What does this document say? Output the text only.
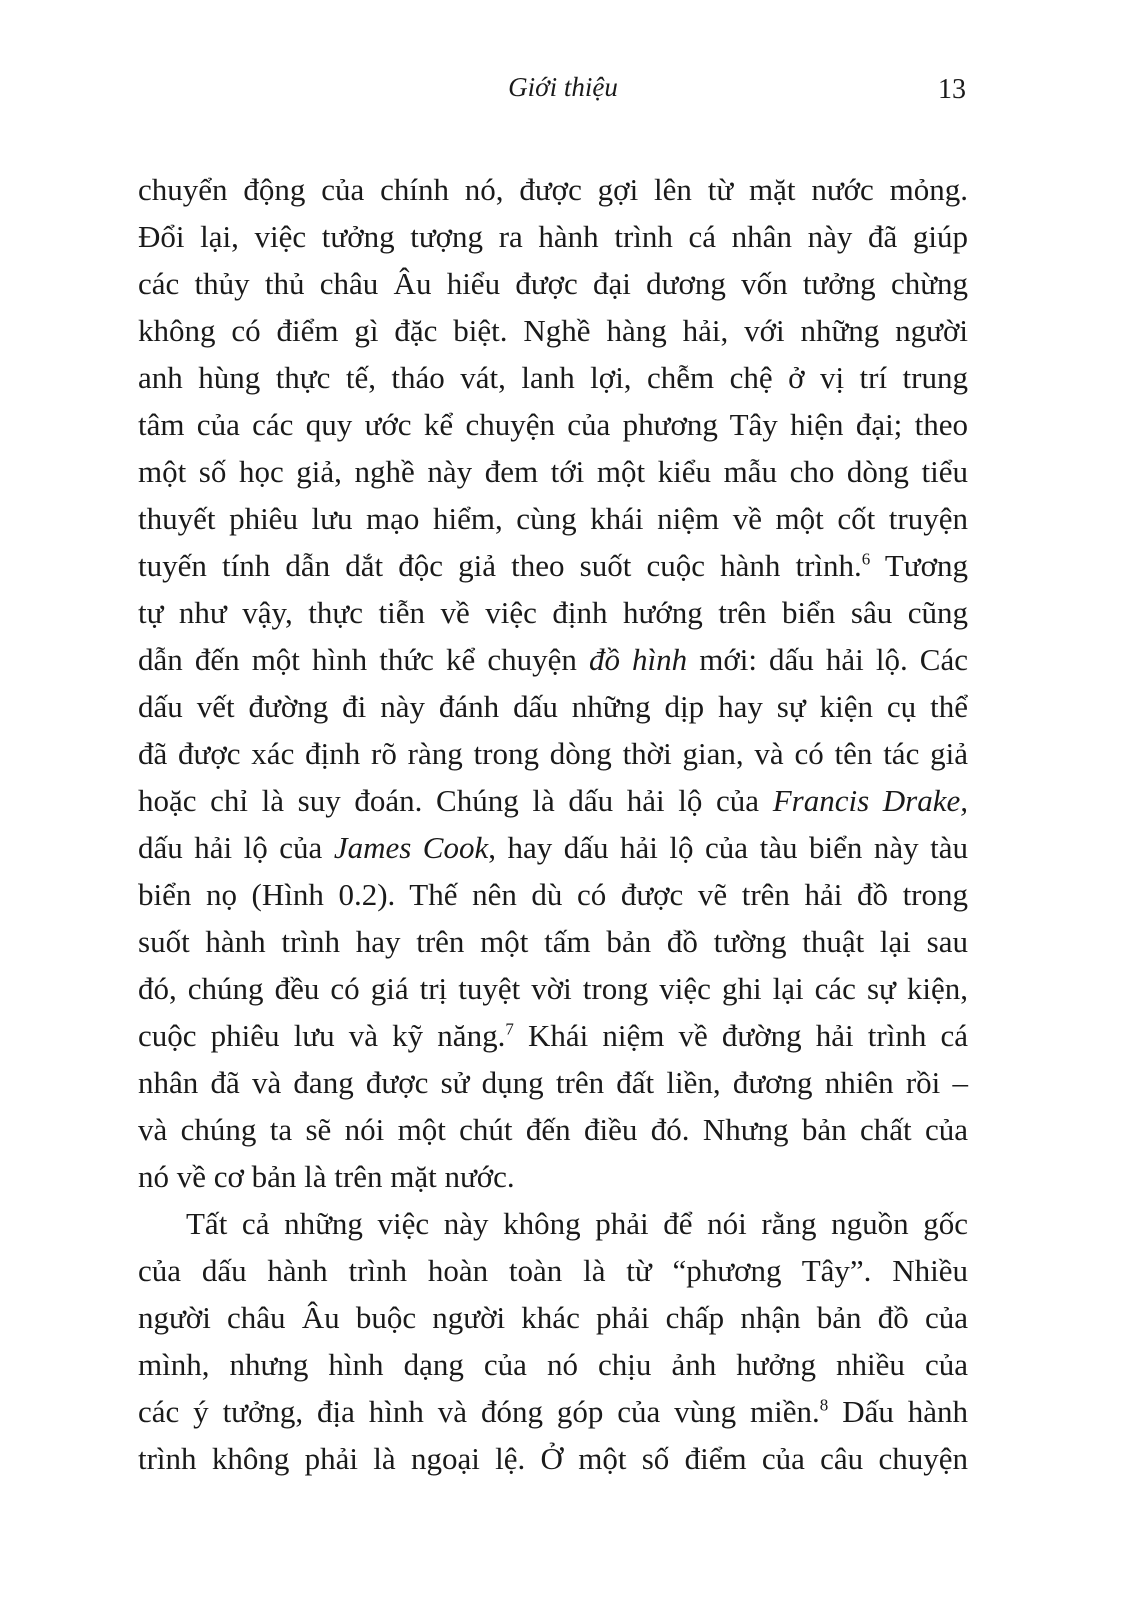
Giới thiệu	13
chuyển động của chính nó, được gợi lên từ mặt nước mỏng.
Đổi lại, việc tưởng tượng ra hành trình cá nhân này đã giúp
các thủy thủ châu Âu hiểu được đại dương vốn tưởng chừng
không có điểm gì đặc biệt. Nghề hàng hải, với những người
anh hùng thực tế, tháo vát, lanh lợi, chễm chệ ở vị trí trung
tâm của các quy ước kể chuyện của phương Tây hiện đại; theo
một số học giả, nghề này đem tới một kiểu mẫu cho dòng tiểu
thuyết phiêu lưu mạo hiểm, cùng khái niệm về một cốt truyện
tuyến tính dẫn dắt độc giả theo suốt cuộc hành trình.$^6$ Tương
tự như vậy, thực tiễn về việc định hướng trên biển sâu cũng
dẫn đến một hình thức kể chuyện đồ hình mới: dấu hải lộ. Các
dấu vết đường đi này đánh dấu những dịp hay sự kiện cụ thể
đã được xác định rõ ràng trong dòng thời gian, và có tên tác giả
hoặc chỉ là suy đoán. Chúng là dấu hải lộ của Francis Drake,
dấu hải lộ của James Cook, hay dấu hải lộ của tàu biển này tàu
biển nọ (Hình 0.2). Thế nên dù có được vẽ trên hải đồ trong
suốt hành trình hay trên một tấm bản đồ tường thuật lại sau
đó, chúng đều có giá trị tuyệt vời trong việc ghi lại các sự kiện,
cuộc phiêu lưu và kỹ năng.$^7$ Khái niệm về đường hải trình cá
nhân đã và đang được sử dụng trên đất liền, đương nhiên rồi –
và chúng ta sẽ nói một chút đến điều đó. Nhưng bản chất của
nó về cơ bản là trên mặt nước.
Tất cả những việc này không phải để nói rằng nguồn gốc
của dấu hành trình hoàn toàn là từ “phương Tây”. Nhiều
người châu Âu buộc người khác phải chấp nhận bản đồ của
mình, nhưng hình dạng của nó chịu ảnh hưởng nhiều của
các ý tưởng, địa hình và đóng góp của vùng miền.$^8$ Dấu hành
trình không phải là ngoại lệ. Ở một số điểm của câu chuyện
